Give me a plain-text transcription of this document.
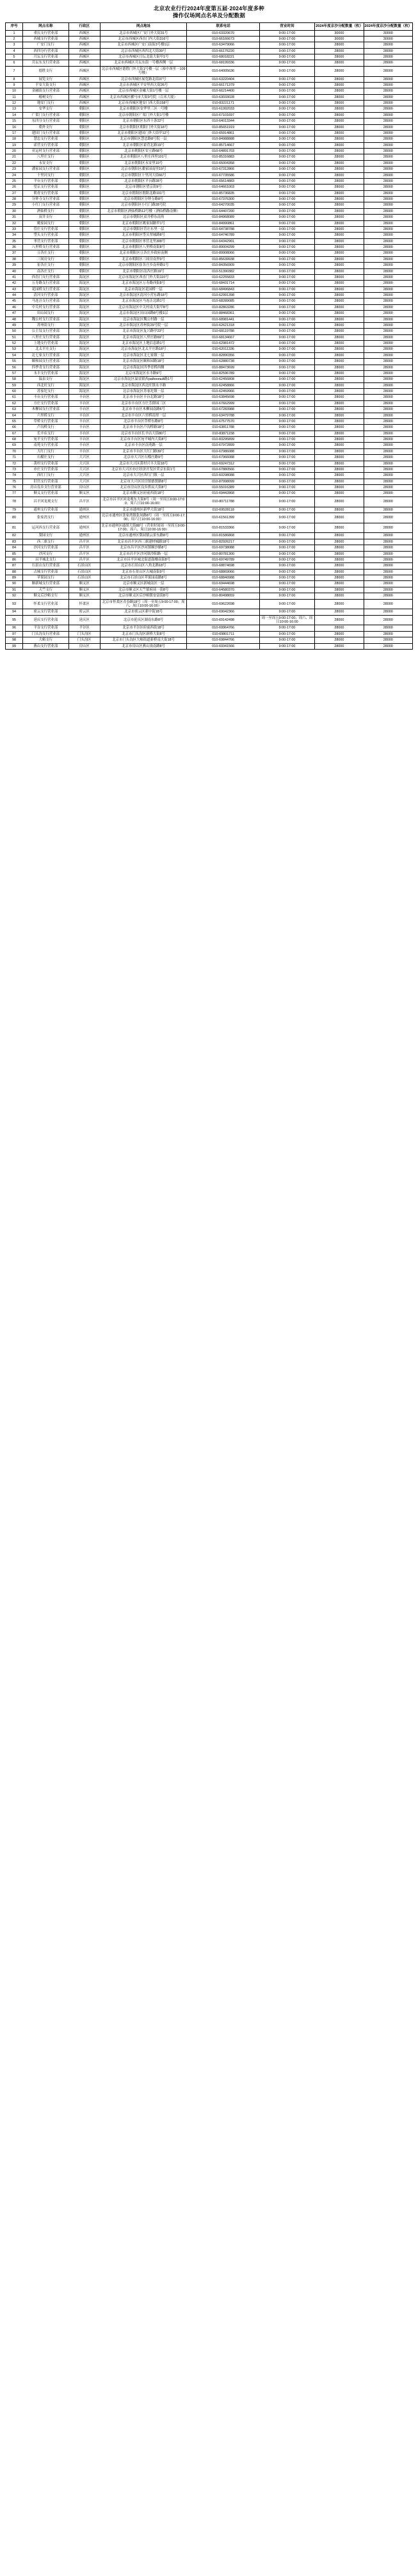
北京农业行行2024年度第五届·2024年度多种
操作仅场网点名单及分配数据
序号	网点名称	行政区	网点地址	联系电话	营业时间	2024年度京沙分配数量（枚）	2024年度京沙分配数量（枚）
1	重庆支行营业部	西城区	北京市西城区广安门外大街31号	010-63320670	9:00-17:00	30000	30000
2	西城支行营业部	西城区	北京市西城区西直门内大街316号	010-66166673	9:00-17:00	30000	30000
3	广安门支行	西城区	北京市西城区广安门南街3号楼1层	010-63479066	9:00-17:00	28000	28000
4	西四分行营业部	西城区	北京市西城区西四北大街39号	010-66176220	9:00-17:00	28000	28000
5	月坛支行营业部	西城区	北京市西城区月坛北街大街甲1号	010-68018221	9:00-17:00	28000	28000
6	月坛东支行营业部	西城区	北京市西城区月坛东街一号楼西侧一层	010-68199336	9:00-17:00	28000	28000
7	德胜支行	西城区	北京市西城区德胜门外大街1号楼一层（裕中西里一109号楼）	010-64005636	9:00-17:00	28000	28000
8	展览支行	西城区	北京市西城区展览路北街37号	010-63220404	9:00-17:00	28000	28000
9	平安大街支行	西城区	北京市西城区平安里西大街26号	010-66171379	9:00-17:00	28000	28000
10	金融街支行营业部	西城区	北京市西城区金融大街1号楼一层	010-66214400	9:00-17:00	28000	28000
11	椿树支行	西城区	北京市西城区骡马市大街9号院（百米大厦）	010-63033028	9:00-17:00	28000	28000
12	地安门支行	西城区	北京市西城区地安门西大街158号	010-83221171	9:00-17:00	28000	28000
13	安华支行	朝阳区	北京市朝阳区安华里三区一号楼	010-61992033	9:00-17:00	28000	28000
14	广渠门支行营业部	朝阳区	北京市朝阳区广渠门外大街1号楼	010-67101697	9:00-17:00	28000	28000
15	东四分支行营业部	朝阳区	北京市朝阳区东四十条22号	010-64013344	9:00-17:00	28000	28000
16	朝外支行	朝阳区	北京市朝阳区朝阳门外大街18号	010-85651919	9:00-17:00	28000	28000
17	建国门支行营业部	朝阳区	北京市朝阳区建国门外大街甲12号	010-65914861	9:00-17:00	28000	28000
18	慧忠支行营业部	朝阳区	北京市朝阳区慧忠路8号院一层	010-84988888	9:00-17:00	28000	28000
19	霍营支行营业部	朝阳区	北京市朝阳区霍营北路19号	010-85714667	9:00-17:00	28000	28000
20	亚运村支行营业部	朝阳区	北京市朝阳区安立路68号	010-64891703	9:00-17:00	28000	28000
21	八里庄支行	朝阳区	北京市朝阳区八里庄西里101号	010-85316883	9:00-17:00	28000	28000
22	永安支行	朝阳区	北京市朝阳区永安里10号	010-65004358	9:00-17:00	28000	28000
23	潘家园支行营业部	朝阳区	北京市朝阳区潘家园南里19号	010-67312866	9:00-17:00	28000	28000
24	十里河支行	朝阳区	北京市朝阳区十里河大街66号	010-67735586	9:00-17:00	28000	28000
25	平台支行营业部	朝阳区	北京市朝阳区平台路28号	010-65614883	9:00-17:00	28000	28000
26	望京支行营业部	朝阳区	北京市朝阳区望京街9号	010-64661003	9:00-17:00	28000	28000
27	朝青支行营业部	朝阳区	北京市朝阳区朝阳北路101号	010-85736835	9:00-17:00	28000	28000
28	分钟寺支行营业部	朝阳区	北京市朝阳区分钟寺路8号	010-67376300	9:00-17:00	28000	28000
29	小红门支行营业部	朝阳区	北京市朝阳区小红门路28号院	010-64270035	9:00-17:00	28000	28000
30	酒仙桥支行	朝阳区	北京市朝阳区酒仙桥路12号楼（酒仙桥路南侧）	010-64407200	9:00-17:00	28000	28000
31	双井支行	朝阳区	北京市朝阳区双井桥东南角	010-84968089	9:00-17:00	28000	28000
32	姚家园支行	朝阳区	北京市朝阳区姚家园路甲1号	010-84990861	9:00-17:00	28000	28000
33	管庄支行营业部	朝阳区	北京市朝阳区管庄东里一层	010-64738788	9:00-17:00	28000	28000
34	垡头支行营业部	朝阳区	北京市朝阳区垡头翠城路8号	010-64746789	9:00-17:00	28000	28000
35	枣营支行营业部	朝阳区	北京市朝阳区枣营北里308号	010-64342901	9:00-17:00	28000	28000
36	八里桥支行营业部	朝阳区	北京市朝阳区八里桥南街8号	010-89004299	9:00-17:00	28000	28000
37	豆各庄支行	朝阳区	北京市朝阳区豆各庄乡政府南侧	010-89908066	9:00-17:00	28000	28000
38	三间房支行	朝阳区	北京市朝阳区三间房南里9号	010-85639938	9:00-17:00	28000	28000
39	崔各庄支行	朝阳区	北京市朝阳区崔各庄乡南皋路1号	010-84356909	9:00-17:00	28000	28000
40	南各庄支行	朝阳区	北京市朝阳区南各庄路19号	010-51390382	9:00-17:00	28000	28000
41	西直门支行营业部	海淀区	北京市海淀区西直门外大街110号	010-62255833	9:00-17:00	28000	28000
42	万寿路支行营业部	海淀区	北京市海淀区万寿路西街8号	010-68431714	9:00-17:00	28000	28000
43	花园桥支行营业部	海淀区	北京市海淀区花园桥一层	010-68496843	9:00-17:00	28000	28000
44	清河支行营业部	海淀区	北京市海淀区清河小营东路18号	010-62991398	9:00-17:00	28000	28000
45	马连洼支行营业部	海淀区	北京市海淀区马连洼北路1号	010-68289085	9:00-17:00	28000	28000
46	中关村支行营业部	海淀区	北京市海淀区中关村南大街甲8号	010-82863286	9:00-17:00	28000	28000
47	田山园支行	海淀区	北京市海淀区田山园路8号楼1层	010-88468361	9:00-17:00	28000	28000
48	魏公村支行营业部	海淀区	北京市海淀区魏公村路一层	010-68981441	9:00-17:00	28000	28000
49	苏州街支行	海淀区	北京市海淀区苏州街29号院一层	010-62621318	9:00-17:00	28000	28000
50	公主坟支行营业部	海淀区	北京市海淀区复兴路甲23号	010-68119788	9:00-17:00	28000	28000
51	八里庄支行营业部	海淀区	北京市海淀区八里庄路69号	010-68134667	9:00-17:00	28000	28000
52	上地支行营业部	海淀区	北京市海淀区上地信息路1号	010-62981472	9:00-17:00	28000	28000
53	北太平庄支行	海淀区	北京市海淀区北太平庄路18号	010-62011336	9:00-17:00	28000	28000
54	北七家支行营业部	海淀区	北京市海淀区北七家镇一层	010-82890356	9:00-17:00	28000	28000
55	颐和园支行营业部	海淀区	北京市海淀区颐和园路18号	010-62880738	9:00-17:00	28000	28000
56	四季青支行营业部	海淀区	北京市海淀区四季青桥西侧	010-88473699	9:00-17:00	28000	28000
57	永丰支行营业部	海淀区	北京市海淀区永丰路9号	010-82596789	9:00-17:00	28000	28000
58	温泉支行	海淀区	北京市海淀区温泉镇西районный路1号	010-62456808	9:00-17:00	28000	28000
59	西北旺支行	海淀区	北京市海淀区西北旺镇永丰路	010-62458866	9:00-17:00	28000	28000
60	苏家坨支行	海淀区	北京市海淀区苏家坨镇一层	010-62459966	9:00-17:00	28000	28000
61	丰台支行营业部	丰台区	北京市丰台区丰台北路18号	010-63845698	9:00-17:00	28000	28000
62	方庄支行营业部	丰台区	北京市丰台区方庄芳群园三区	010-67662999	9:00-17:00	28000	28000
63	木樨园支行营业部	丰台区	北京市丰台区木樨园南路6号	010-67283988	9:00-17:00	28000	28000
64	六里桥支行	丰台区	北京市丰台区六里桥南里一层	010-63479788	9:00-17:00	28000	28000
65	草桥支行营业部	丰台区	北京市丰台区草桥东路8号	010-67577570	9:00-17:00	28000	28000
66	卢沟桥支行	丰台区	北京市丰台区卢沟桥路18号	010-63811788	9:00-17:00	28000	28000
67	长辛店支行	丰台区	北京市丰台区长辛店大街80号	010-83871158	9:00-17:00	28000	28000
68	宛平支行营业部	丰台区	北京市丰台区宛平城内大街8号	010-83295899	9:00-17:00	28000	28000
69	南苑支行营业部	丰台区	北京市丰台区南苑路一层	010-67972899	9:00-17:00	28000	28000
70	大红门支行	丰台区	北京市丰台区大红门路39号	010-67986088	9:00-17:00	28000	28000
71	石榴庄支行	大兴区	北京市大兴区石榴庄路9号	010-67966088	9:00-17:00	28000	28000
72	黄村支行营业部	大兴区	北京市大兴区黄村兴丰大街18号	010-69247312	9:00-17:00	28000	28000
73	亦庄支行营业部	大兴区	北京市大兴区亦庄经济开发区荣京东街1号	010-67880566	9:00-17:00	28000	28000
74	西红门支行	大兴区	北京市大兴区西红门镇一层	010-60298088	9:00-17:00	28000	28000
75	旧宫支行营业部	大兴区	北京市大兴区旧宫镇德贤路8号	010-87998099	9:00-17:00	28000	28000
76	房山良乡支行营业部	房山区	北京市房山区良乡拱辰大街8号	010-55016389	9:00-17:00	28000	28000
77	顺义支行营业部	顺义区	北京市顺义区府前西街18号	010-69442868	9:00-17:00	28000	28000
78	昌平回龙观支行	昌平区	北京市昌平区回龙观东大街8号（周一至周五9:00-17:00；周六日10:00-16:00）	010-80711788	9:00-17:00	28000	28000
79	通州支行营业部	通州区	北京市通州区新华大街18号	010-69528118	9:00-17:00	28000	28000
80	张家湾支行	通州区	北京市通州区张家湾镇张凤路8号（周一至周五9:00-17:00；周六日10:00-16:00）	010-61561399	9:00-17:00	28000	28000
81	运河西支行营业部	通州区	北京市通州区通胡大街88号（营业时间周一至周五9:00-17:00；周六、周日10:00-16:00）	010-81533366	9:00-17:00	28000	28000
82	梨园支行	通州区	北京市通州区梨园镇云景东路8号	010-81586868	9:00-17:00	28000	28000
83	西三旗支行	昌平区	北京市昌平区西三旗建材城路18号	010-82926217	9:00-17:00	28000	28000
84	沙河支行营业部	昌平区	北京市昌平区沙河镇顺沙路8号	010-69738088	9:00-17:00	28000	28000
85	沙河支行	昌平区	北京市昌平区沙河镇沙阳路一层	010-80781300	9:00-17:00	28000	28000
86	昌平城北支行	昌平区	北京市昌平区城北街道鼓楼南街8号	010-69749789	9:00-17:00	28000	28000
87	石景山支行营业部	石景山区	北京市石景山区八角北路18号	010-68874698	9:00-17:00	28000	28000
88	古城支行营业部	石景山区	北京市石景山区古城南街9号	010-68869066	9:00-17:00	28000	28000
89	苹果园支行	石景山区	北京市石景山区苹果园南路8号	010-68840988	9:00-17:00	28000	28000
90	顺新城支行营业部	顺义区	北京市顺义区新城南区一层	010-69444698	9:00-17:00	28000	28000
91	天竺支行	顺义区	北京市顺义区天竺镇府前一街8号	010-64580370	9:00-17:00	28000	28000
92	顺义后沙峪支行	顺义区	北京市顺义区后沙峪镇安富街8号	010-80498659	9:00-17:00	28000	28000
93	怀柔支行营业部	怀柔区	北京市怀柔区青春路18号（周一至周五9:00-17:00；周六、周日10:00-16:00）	010-69622698	9:00-17:00	28000	28000
94	密云支行营业部	密云区	北京市密云区新中街18号	010-69042366	9:00-17:00	28000	28000
95	延庆支行营业部	延庆区	北京市延庆区湖南东路8号	010-69142498	周一至周五9:00-17:00；周六、周日10:00-16:00	28000	28000
96	平谷支行营业部	平谷区	北京市平谷区府前西街18号	010-69964766	9:00-17:00	28000	28000
97	门头沟支行营业部	门头沟区	北京市门头沟区新桥大街8号	010-69801711	9:00-17:00	28000	28000
98	大峪支行	门头沟区	北京市门头沟区大峪街道新桥南大街18号	010-69844766	9:00-17:00	28000	28000
99	燕山支行营业部	房山区	北京市房山区燕山岗南路8号	010-69341566	9:00-17:00	28000	28000
